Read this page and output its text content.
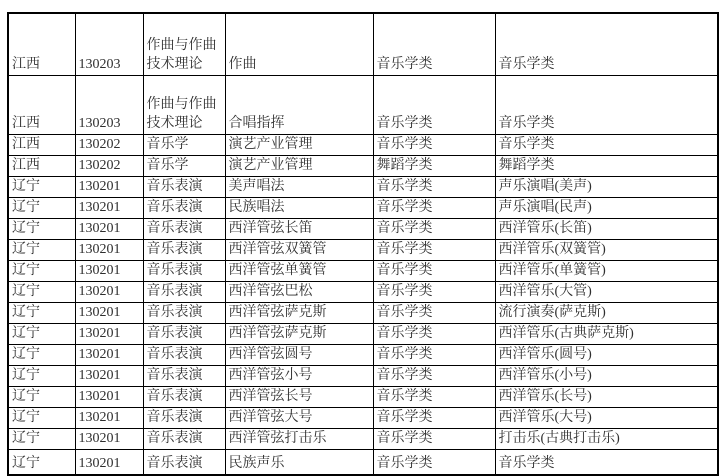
江西	130203	作曲与作曲技术理论	作曲	音乐学类	音乐学类
江西	130203	作曲与作曲技术理论	合唱指挥	音乐学类	音乐学类
江西	130202	音乐学	演艺产业管理	音乐学类	音乐学类
江西	130202	音乐学	演艺产业管理	舞蹈学类	舞蹈学类
辽宁	130201	音乐表演	美声唱法	音乐学类	声乐演唱(美声)
辽宁	130201	音乐表演	民族唱法	音乐学类	声乐演唱(民声)
辽宁	130201	音乐表演	西洋管弦长笛	音乐学类	西洋管乐(长笛)
辽宁	130201	音乐表演	西洋管弦双簧管	音乐学类	西洋管乐(双簧管)
辽宁	130201	音乐表演	西洋管弦单簧管	音乐学类	西洋管乐(单簧管)
辽宁	130201	音乐表演	西洋管弦巴松	音乐学类	西洋管乐(大管)
辽宁	130201	音乐表演	西洋管弦萨克斯	音乐学类	流行演奏(萨克斯)
辽宁	130201	音乐表演	西洋管弦萨克斯	音乐学类	西洋管乐(古典萨克斯)
辽宁	130201	音乐表演	西洋管弦圆号	音乐学类	西洋管乐(圆号)
辽宁	130201	音乐表演	西洋管弦小号	音乐学类	西洋管乐(小号)
辽宁	130201	音乐表演	西洋管弦长号	音乐学类	西洋管乐(长号)
辽宁	130201	音乐表演	西洋管弦大号	音乐学类	西洋管乐(大号)
辽宁	130201	音乐表演	西洋管弦打击乐	音乐学类	打击乐(古典打击乐)
辽宁	130201	音乐表演	民族声乐	音乐学类	音乐学类
